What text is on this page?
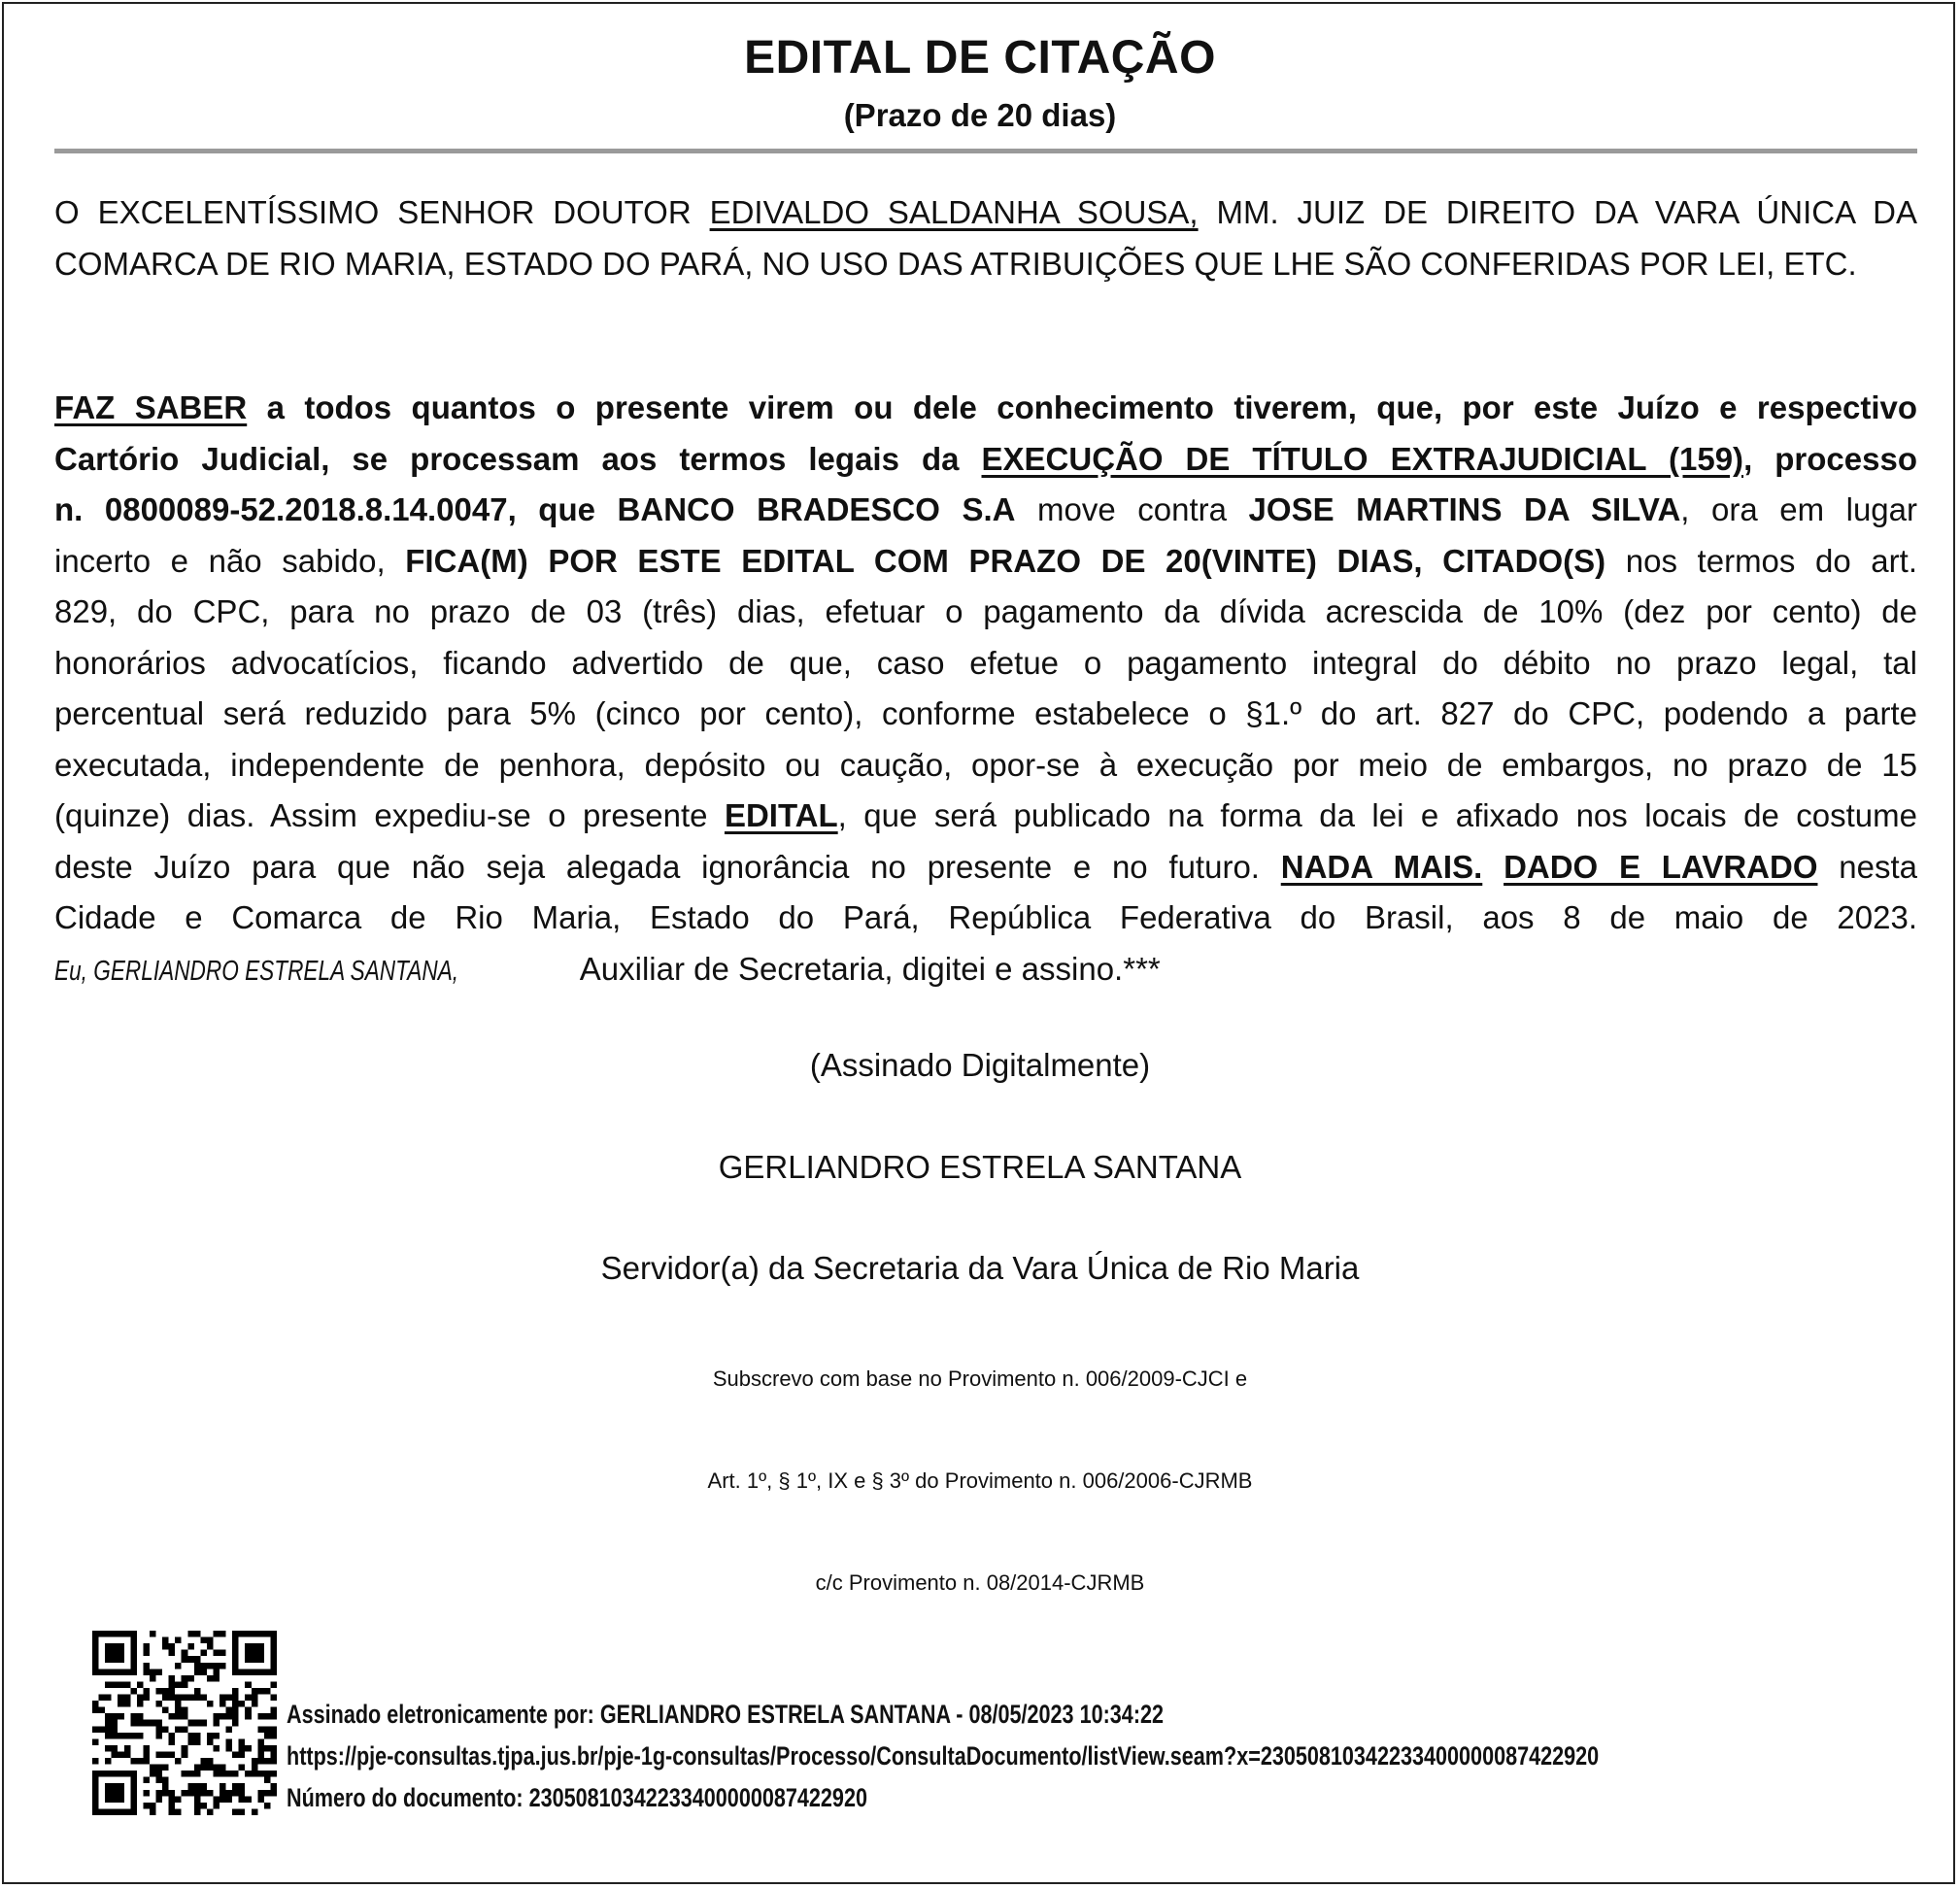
EDITAL DE CITAÇÃO
(Prazo de 20 dias)
O EXCELENTÍSSIMO SENHOR DOUTOR EDIVALDO SALDANHA SOUSA, MM. JUIZ DE DIREITO DA VARA ÚNICA DA COMARCA DE RIO MARIA, ESTADO DO PARÁ, NO USO DAS ATRIBUIÇÕES QUE LHE SÃO CONFERIDAS POR LEI, ETC.
FAZ SABER a todos quantos o presente virem ou dele conhecimento tiverem, que, por este Juízo e respectivo
Cartório Judicial, se processam aos termos legais da EXECUÇÃO DE TÍTULO EXTRAJUDICIAL (159), processo
n. 0800089-52.2018.8.14.0047, que BANCO BRADESCO S.A move contra JOSE MARTINS DA SILVA, ora em lugar
incerto e não sabido, FICA(M) POR ESTE EDITAL COM PRAZO DE 20(VINTE) DIAS, CITADO(S) nos termos do art.
829, do CPC, para no prazo de 03 (três) dias, efetuar o pagamento da dívida acrescida de 10% (dez por cento) de
honorários advocatícios, ficando advertido de que, caso efetue o pagamento integral do débito no prazo legal, tal
percentual será reduzido para 5% (cinco por cento), conforme estabelece o §1.º do art. 827 do CPC, podendo a parte
executada, independente de penhora, depósito ou caução, opor-se à execução por meio de embargos, no prazo de 15
(quinze) dias. Assim expediu-se o presente EDITAL, que será publicado na forma da lei e afixado nos locais de costume
deste Juízo para que não seja alegada ignorância no presente e no futuro. NADA MAIS. DADO E LAVRADO nesta
Cidade e Comarca de Rio Maria, Estado do Pará, República Federativa do Brasil, aos 8 de maio de 2023.
Eu, GERLIANDRO ESTRELA SANTANA,	Auxiliar de Secretaria, digitei e assino.***
(Assinado Digitalmente)
GERLIANDRO ESTRELA SANTANA
Servidor(a) da Secretaria da Vara Única de Rio Maria
Subscrevo com base no Provimento n. 006/2009-CJCI e
Art. 1º, § 1º, IX e § 3º do Provimento n. 006/2006-CJRMB
c/c Provimento n. 08/2014-CJRMB
Assinado eletronicamente por: GERLIANDRO ESTRELA SANTANA - 08/05/2023 10:34:22
https://pje-consultas.tjpa.jus.br/pje-1g-consultas/Processo/ConsultaDocumento/listView.seam?x=23050810342233400000087422920
Número do documento: 23050810342233400000087422920
